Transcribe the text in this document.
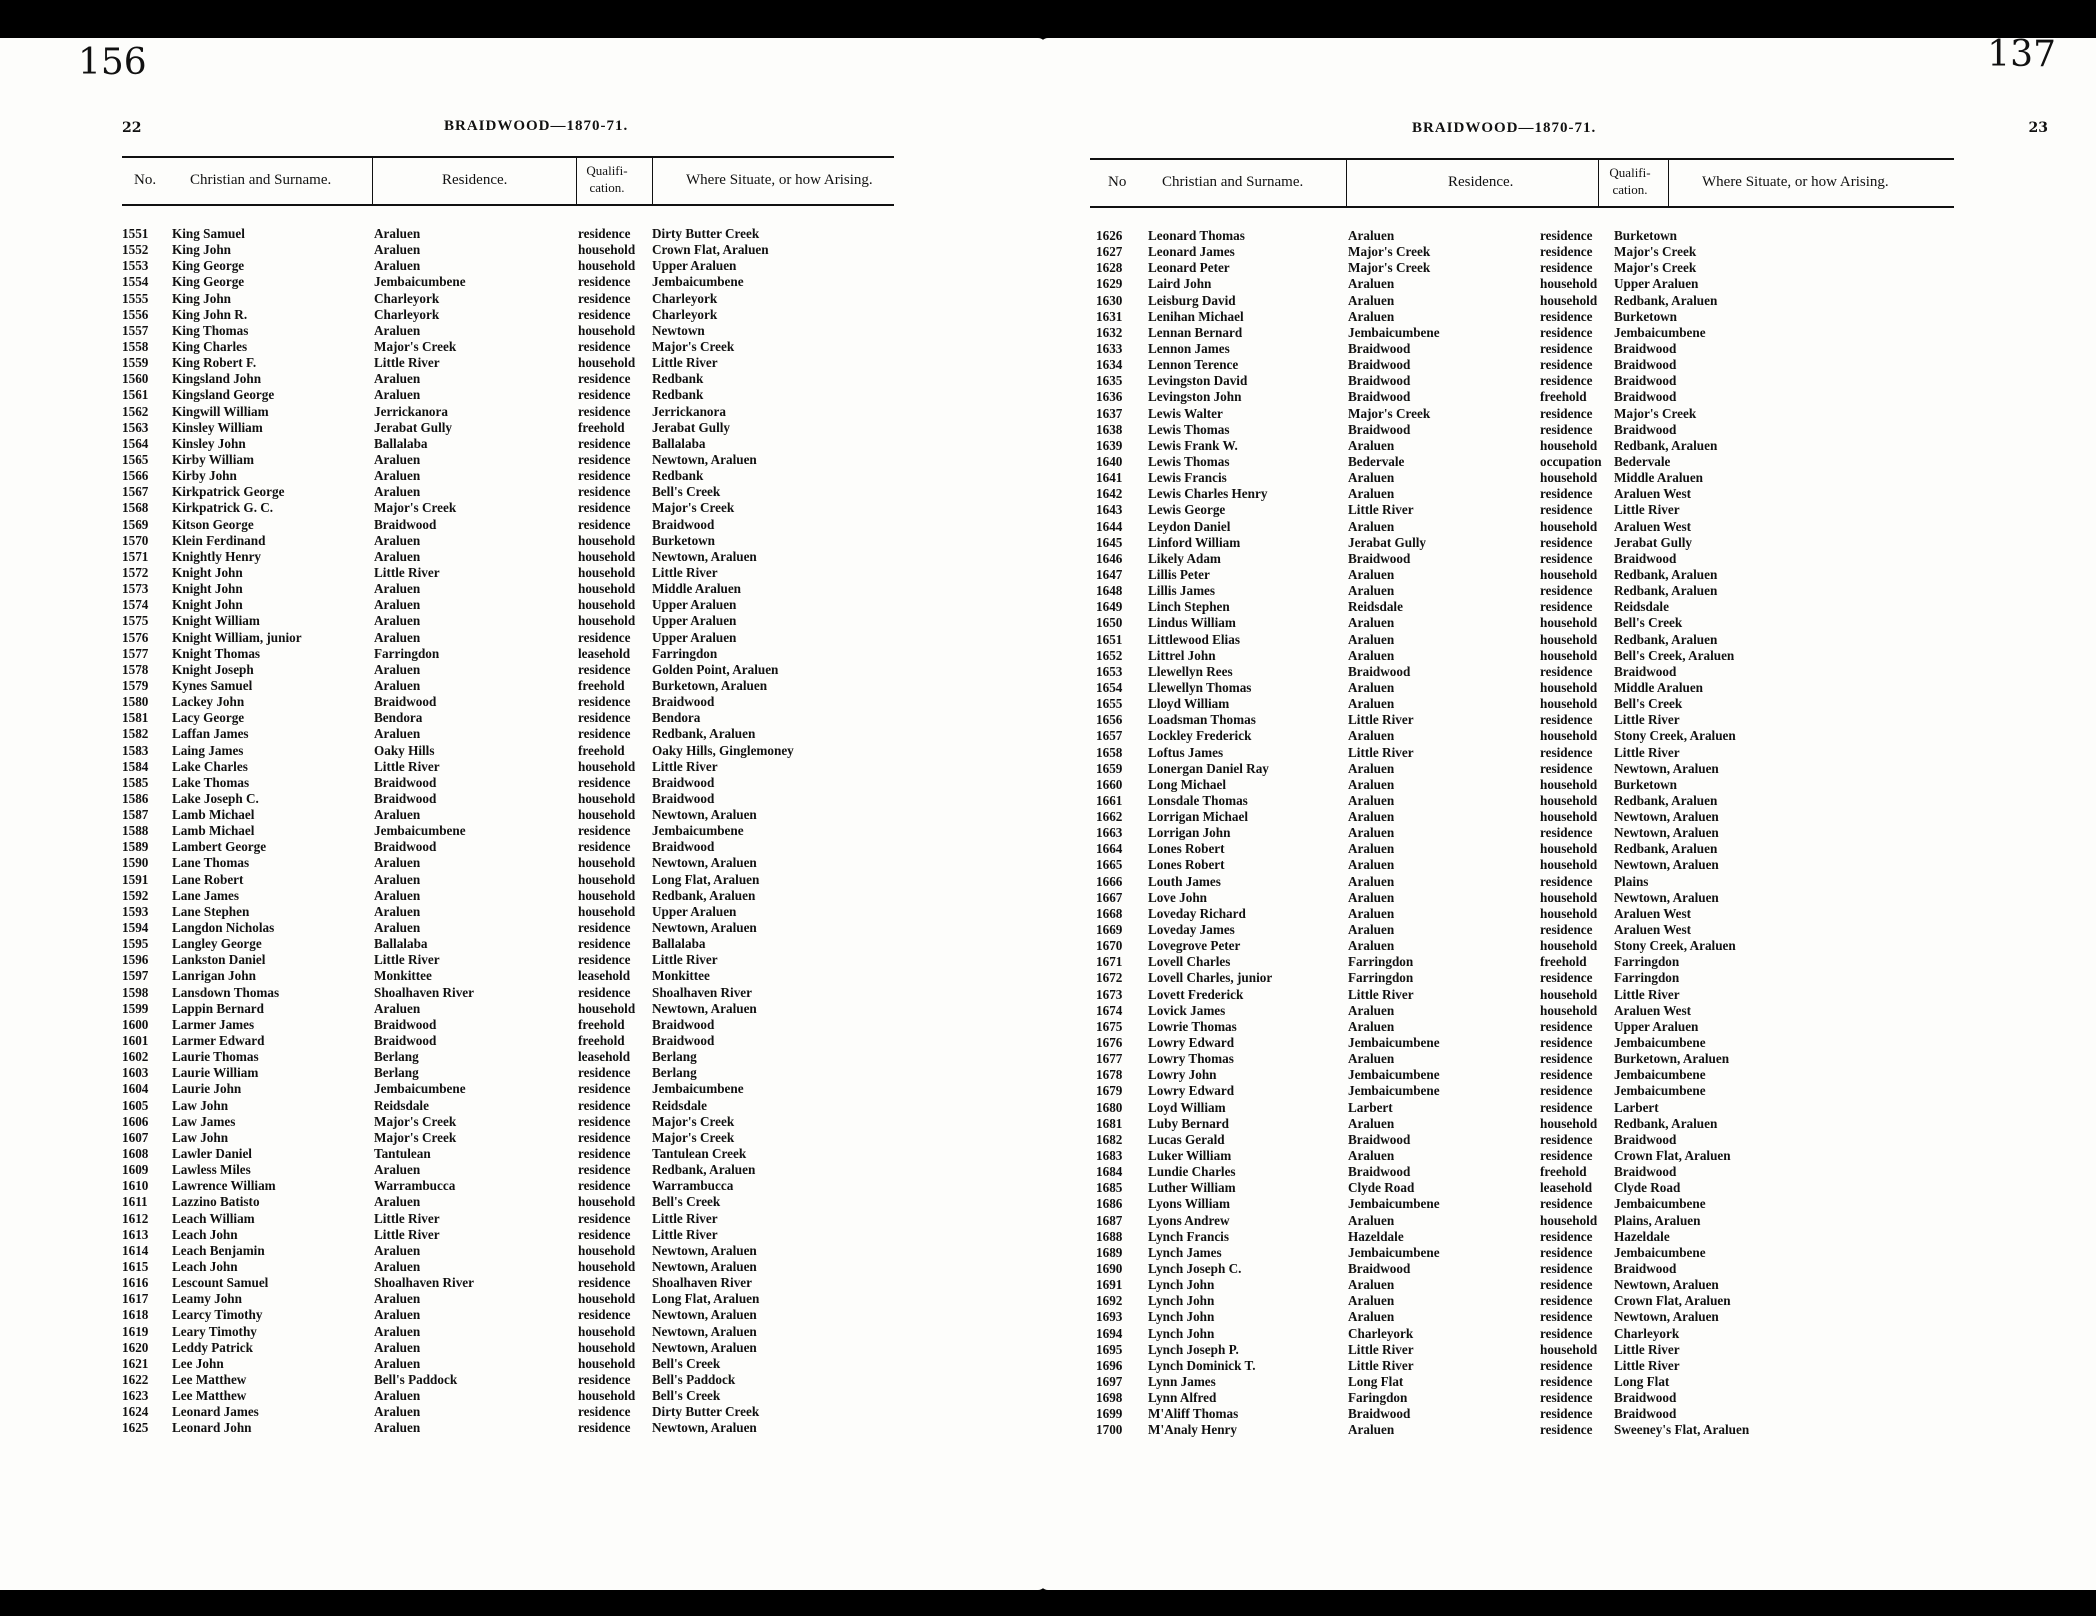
156
22	BRAIDWOOD—1870-71.
No. Christian and Surname.	Residence.
Qualifi- cation.	Where Situate, or how Arising.
1551 King Samuel	Araluen	residence Dirty Butter Creek
1552 King John	Araluen	household Crown Flat, Araluen
1553 King George	Araluen	household Upper Araluen
1554 King George	Jembaicumbene	residence Jembaicumbene
1555 King John	Charleyork	residence Charleyork
1556 King John R.	Charleyork	residence Charleyork
1557 King Thomas	Araluen	household Newtown
1558 King Charles	Major's Creek	residence Major's Creek
1559 King Robert F.	Little River	household Little River
1560 Kingsland John	Araluen	residence Redbank
1561 Kingsland George	Araluen	residence Redbank
1562 Kingwill William	Jerrickanora	residence Jerrickanora
1563 Kinsley William	Jerabat Gully	freehold Jerabat Gully
1564 Kinsley John	Ballalaba	residence Ballalaba
1565 Kirby William	Araluen	residence Newtown, Araluen
1566 Kirby John	Araluen	residence Redbank
1567 Kirkpatrick George	Araluen	residence Bell's Creek
1568 Kirkpatrick G. C.	Major's Creek	residence Major's Creek
1569 Kitson George	Braidwood	residence Braidwood
1570 Klein Ferdinand	Araluen	household Burketown
1571 Knightly Henry	Araluen	household Newtown, Araluen
1572 Knight John	Little River	household Little River
1573 Knight John	Araluen	household Middle Araluen
1574 Knight John	Araluen	household Upper Araluen
1575 Knight William	Araluen	household Upper Araluen
1576 Knight William, junior	Araluen	residence Upper Araluen
1577 Knight Thomas	Farringdon	leasehold Farringdon
1578 Knight Joseph	Araluen	residence Golden Point, Araluen
1579 Kynes Samuel	Araluen	freehold Burketown, Araluen
1580 Lackey John	Braidwood	residence Braidwood
1581 Lacy George	Bendora	residence Bendora
1582 Laffan James	Araluen	residence Redbank, Araluen
1583 Laing James	Oaky Hills	freehold Oaky Hills, Ginglemoney
1584 Lake Charles	Little River	household Little River
1585 Lake Thomas	Braidwood	residence Braidwood
1586 Lake Joseph C.	Braidwood	household Braidwood
1587 Lamb Michael	Araluen	household Newtown, Araluen
1588 Lamb Michael	Jembaicumbene	residence Jembaicumbene
1589 Lambert George	Braidwood	residence Braidwood
1590 Lane Thomas	Araluen	household Newtown, Araluen
1591 Lane Robert	Araluen	household Long Flat, Araluen
1592 Lane James	Araluen	household Redbank, Araluen
1593 Lane Stephen	Araluen	household Upper Araluen
1594 Langdon Nicholas	Araluen	residence Newtown, Araluen
1595 Langley George	Ballalaba	residence Ballalaba
1596 Lankston Daniel	Little River	residence Little River
1597 Lanrigan John	Monkittee	leasehold Monkittee
1598 Lansdown Thomas	Shoalhaven River	residence Shoalhaven River
1599 Lappin Bernard	Araluen	household Newtown, Araluen
1600 Larmer James	Braidwood	freehold Braidwood
1601 Larmer Edward	Braidwood	freehold Braidwood
1602 Laurie Thomas	Berlang	leasehold Berlang
1603 Laurie William	Berlang	residence Berlang
1604 Laurie John	Jembaicumbene	residence Jembaicumbene
1605 Law John	Reidsdale	residence Reidsdale
1606 Law James	Major's Creek	residence Major's Creek
1607 Law John	Major's Creek	residence Major's Creek
1608 Lawler Daniel	Tantulean	residence Tantulean Creek
1609 Lawless Miles	Araluen	residence Redbank, Araluen
1610 Lawrence William	Warrambucca	residence Warrambucca
1611 Lazzino Batisto	Araluen	household Bell's Creek
1612 Leach William	Little River	residence Little River
1613 Leach John	Little River	residence Little River
1614 Leach Benjamin	Araluen	household Newtown, Araluen
1615 Leach John	Araluen	household Newtown, Araluen
1616 Lescount Samuel	Shoalhaven River	residence Shoalhaven River
1617 Leamy John	Araluen	household Long Flat, Araluen
1618 Learcy Timothy	Araluen	residence Newtown, Araluen
1619 Leary Timothy	Araluen	household Newtown, Araluen
1620 Leddy Patrick	Araluen	household Newtown, Araluen
1621 Lee John	Araluen	household Bell's Creek
1622 Lee Matthew	Bell's Paddock	residence Bell's Paddock
1623 Lee Matthew	Araluen	household Bell's Creek
1624 Leonard James	Araluen	residence Dirty Butter Creek
1625 Leonard John	Araluen	residence Newtown, Araluen
137
23
BRAIDWOOD—1870-71.
No Christian and Surname.	Residence.
Qualifi- cation.	Where Situate, or how Arising.
1626 Leonard Thomas	Araluen	residence Burketown
1627 Leonard James	Major's Creek	residence Major's Creek
1628 Leonard Peter	Major's Creek	residence Major's Creek
1629 Laird John	Araluen	household Upper Araluen
1630 Leisburg David	Araluen	household Redbank, Araluen
1631 Lenihan Michael	Araluen	residence Burketown
1632 Lennan Bernard	Jembaicumbene	residence Jembaicumbene
1633 Lennon James	Braidwood	residence Braidwood
1634 Lennon Terence	Braidwood	residence Braidwood
1635 Levingston David	Braidwood	residence Braidwood
1636 Levingston John	Braidwood	freehold Braidwood
1637 Lewis Walter	Major's Creek	residence Major's Creek
1638 Lewis Thomas	Braidwood	residence Braidwood
1639 Lewis Frank W.	Araluen	household Redbank, Araluen
1640 Lewis Thomas	Bedervale	occupation Bedervale
1641 Lewis Francis	Araluen	household Middle Araluen
1642 Lewis Charles Henry	Araluen	residence Araluen West
1643 Lewis George	Little River	residence Little River
1644 Leydon Daniel	Araluen	household Araluen West
1645 Linford William	Jerabat Gully	residence Jerabat Gully
1646 Likely Adam	Braidwood	residence Braidwood
1647 Lillis Peter	Araluen	household Redbank, Araluen
1648 Lillis James	Araluen	residence Redbank, Araluen
1649 Linch Stephen	Reidsdale	residence Reidsdale
1650 Lindus William	Araluen	household Bell's Creek
1651 Littlewood Elias	Araluen	household Redbank, Araluen
1652 Littrel John	Araluen	household Bell's Creek, Araluen
1653 Llewellyn Rees	Braidwood	residence Braidwood
1654 Llewellyn Thomas	Araluen	household Middle Araluen
1655 Lloyd William	Araluen	household Bell's Creek
1656 Loadsman Thomas	Little River	residence Little River
1657 Lockley Frederick	Araluen	household Stony Creek, Araluen
1658 Loftus James	Little River	residence Little River
1659 Lonergan Daniel Ray	Araluen	residence Newtown, Araluen
1660 Long Michael	Araluen	household Burketown
1661 Lonsdale Thomas	Araluen	household Redbank, Araluen
1662 Lorrigan Michael	Araluen	household Newtown, Araluen
1663 Lorrigan John	Araluen	residence Newtown, Araluen
1664 Lones Robert	Araluen	household Redbank, Araluen
1665 Lones Robert	Araluen	household Newtown, Araluen
1666 Louth James	Araluen	residence Plains
1667 Love John	Araluen	household Newtown, Araluen
1668 Loveday Richard	Araluen	household Araluen West
1669 Loveday James	Araluen	residence Araluen West
1670 Lovegrove Peter	Araluen	household Stony Creek, Araluen
1671 Lovell Charles	Farringdon	freehold Farringdon
1672 Lovell Charles, junior	Farringdon	residence Farringdon
1673 Lovett Frederick	Little River	household Little River
1674 Lovick James	Araluen	household Araluen West
1675 Lowrie Thomas	Araluen	residence Upper Araluen
1676 Lowry Edward	Jembaicumbene	residence Jembaicumbene
1677 Lowry Thomas	Araluen	residence Burketown, Araluen
1678 Lowry John	Jembaicumbene	residence Jembaicumbene
1679 Lowry Edward	Jembaicumbene	residence Jembaicumbene
1680 Loyd William	Larbert	residence Larbert
1681 Luby Bernard	Araluen	household Redbank, Araluen
1682 Lucas Gerald	Braidwood	residence Braidwood
1683 Luker William	Araluen	residence Crown Flat, Araluen
1684 Lundie Charles	Braidwood	freehold Braidwood
1685 Luther William	Clyde Road	leasehold Clyde Road
1686 Lyons William	Jembaicumbene	residence Jembaicumbene
1687 Lyons Andrew	Araluen	household Plains, Araluen
1688 Lynch Francis	Hazeldale	residence Hazeldale
1689 Lynch James	Jembaicumbene	residence Jembaicumbene
1690 Lynch Joseph C.	Braidwood	residence Braidwood
1691 Lynch John	Araluen	residence Newtown, Araluen
1692 Lynch John	Araluen	residence Crown Flat, Araluen
1693 Lynch John	Araluen	residence Newtown, Araluen
1694 Lynch John	Charleyork	residence Charleyork
1695 Lynch Joseph P.	Little River	household Little River
1696 Lynch Dominick T.	Little River	residence Little River
1697 Lynn James	Long Flat	residence Long Flat
1698 Lynn Alfred	Faringdon	residence Braidwood
1699 M'Aliff Thomas	Braidwood	residence Braidwood
1700 M'Analy Henry	Araluen	residence Sweeney's Flat, Araluen
